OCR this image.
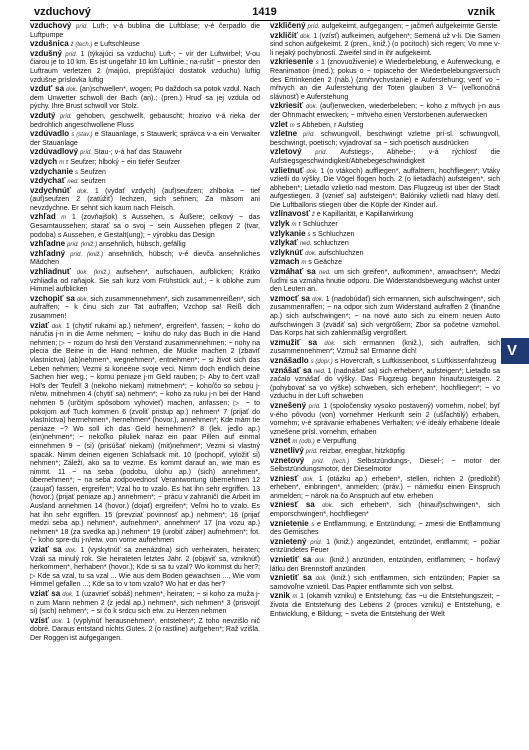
vzduchový	1419	vznik

vzduchový príd. Luft-; v-á bublina die Luftblase; v-é čerpadlo die Luftpumpe

vzdušnica ž (tech.) e Luftschleuse

vzdušný príd. 1 (týkajúci sa vzduchu) Luft-; ~ vír der Luftwirbel; V-ou čiarou je to 10 km. Es ist ungefähr 10 km Luftlinie.; na-rušit' ~ priestor den Luftraum verletzen 2 (majúci, prepúšťajúci dostatok vzduchu) luftig vzdušne príslovka luftig

vzdut' sa dok. (an)schwellen*, wogen; Po daždoch sa potok vzdul. Nach dem Unwetter schwoll der Bach (an).; (pren.) Hruď sa jej vzdula od pýchy. Ihre Brust schwoll vor Stolz.

vzdutý príd. gehoben, geschwellt, gebauscht; hrozivo v-á rieka der bedrohlich angeschwollene Fluss

vzdúvadlo s (stav.) e Stauanlage, s Stauwerk; správca v-a ein Verwalter der Stauanlage

vzdúvadlový príd. Stau-; v-á hať das Stauwehr

vzdych m r Seufzer; hlboký ~ ein tiefer Seufzer

vzdychanie s Seufzen

vzdychať ned. seufzen

vzdychnúť dok. 1 (vydať vzdych) (auf)seufzen; zhlboka ~ tief (auf)seufzen 2 (zatúžiť) lechzen, sich sehnen; Za mäsom ani nevzdychne. Er sehnt sich kaum nach Fleisch.

vzhľad m 1 (zovňajšok) s Aussehen, s Äußere; celkový ~ das Gesamtaussehen; starať sa o svoj ~ sein Aussehen pflegen 2 (tvar, podoba) s Aussehen, e Gestalt(ung); ~ výrobku das Design

vzhľadne príd. (kniž.) ansehnlich, hübsch, gefällig

vzhľadný príd. (kniž.) ansehnlich, hübsch; v-é dievča ansehnliches Mädchen

vzhliadnuť dok. (kniž.) aufsehen*, aufschauen, aufblicken; Krátko vzhliadla od raňajok. Sie sah kurz vom Frühstück auf.; ~ k oblohe zum Himmel aufblicken

vzchopiť sa dok. sich zusammennehmen*, sich zusammenreißen*, sich aufraffen; ~ k činu sich zur Tat aufraffen; Vzchop sa! Reiß dich zusammen!

vziať dok. 1 (chytiť rukami ap.) nehmen*, ergreifen*, fassen; ~ koho do náručia j-n in die Arme nehmen; ~ knihu do ruky das Buch in die Hand nehmen; ▷ ~ rozum do hrsti den Verstand zusammennehmen; ~ nohy na plecia die Beine in die Hand nehmen, die Mücke machen 2 (zbaviť vlastníctva) (ab)nehmen*, wegnehmen*, entnehmen*; ~ si život sich das Leben nehmen; Vezmi si koneène svoje veci. Nimm doch endlich deine Sachen hier weg.; ~ komu peniaze j-m Geld rauben; ▷ Aby to čert vzal! Hol's der Teufel! 3 (nekoho niekam) mitnehmen*; ~ koho/čo so sebou j-n/etw. mitnehmen 4 (chytiť sa) nehmen*; ~ koho za ruku j-n bei der Hand nehmen 5 (určitým spôsobom vyhovieť) machen, anfassen; ▷ ~ to pokojom auf Tuch kommen 6 (zvoliť pristup ap.) nehmen* 7 (prijať do vlastníctva) herrnehmen*, hernehmen* (hovor.), annehmen*; Kde mám tie peniaze ~? Wo soll ich das Geld hernehmen? 8 (lek. jedlo ap.) (ein)nehmen*; ~ nekoľko piluliek naraz ein paar Pillen auf einmal einnehmen 9 ~ (si) (prisúšať niekam) (mit)nehmen*; Vezmi si vlastný spacák. Nimm deinen eigenen Schlafsack mit. 10 (pochopiť, vyložiť si) nehmen*; Záleží, ako sa to vezme. Es kommt darauf an, wie man es nimmt. 11 ~ na seba (podobu, úlohu ap.) (sich) annehmen*, übernehmen*; ~ na seba zodpovednosť Verantwortung übernehmen 12 (zaujať) fassen, ergreifen*; Vzal ho to vzalo. Es hat ihn sehr ergriffen. 13 (hovor.) (prijať peniaze ap.) annehmen*; ~ prácu v zahraničí die Arbeit im Ausland annehmen 14 (hovor.) (dojať) ergreifen*; Veľmi ho to vzalo. Es hat ihn sehr ergriffen. 15 (prevziať povinnosť ap.) nehmen*; 16 (prijať medzi seba ap.) nehmen*, aufnehmen*, annehmen* 17 (na vozu ap.) nehmen* 18 (za svedka ap.) nehmen* 19 (urobiť záber) aufnehmen*; fot. (~ koho spre-du j-n/etw. von vorne aufnehmen

vziať sa dok. 1 (vyskytnúť sa znenázdna) sich verheiraten, heiraten; Vzali sa minulý rok. Sie heirateten letztes Jahr. 2 (objaviť sa, vzniknúť) herkommen*, herhaben* (hovor.); Kde si sa tu vzal? Wo kommst du her?; ▷ Kde sa vzal, tu sa vzal ... Wie aus dem Boden gewachsen ..., Wie vom Himmel gefallen ...; Kde sa to v tom vzalo? Wo hat er das her?

vziať sa dok. 1 (uzavrieť sobáš) nehmen*, heiraten; ~ si koho za muža j-n zum Mann nehmen 2 (z jedál ap.) nehmen*, sich nehmen* 3 (prisvojiť si) (sich) nehmen*; ~ si čo k srdcu sich etw. zu Herzen nehmen

vzísť dok. 1 (vyplynúť herausnehmen*, entstehen*; Z toho nevzišlo nič dobré. Daraus entstand nichts Gutes. 2 (o rastline) aufgehen*; Raž vzišla. Der Roggen ist aufgegangen.

vzkličený príd. aufgekeimt, aufgegangen; ~ jačmeň aufgekeimte Gerste

vzkličiť dok. 1 (vzísť) aufkeimen, aufgehen*; Semená už v-li. Die Samen sind schon aufgekeimt. 2 (pren., kniž.) (o pocitoch) sich regen; Vo mne v-li nejaký pochybnosti. Zweifel sind in ihr aufgekeimt.

vzkriesenie s 1 (znovuoživenie) e Wiederbelebung, e Auferweckung, e Reanimation (med.); pokus o ~ topiaceho der Wiederbelebungsversuch des Ertrinkenden 2 (náb.) (zmŕtvychvstanie) e Auferstehung; veriť vo ~ mŕtvych an die Auferstehung der Toten glauben 3 V~ (veľkonočná slávnosť) e Auferstehung

vzkriesiť dok. (auf)erwecken, wiederbeleben; ~ koho z mŕtvych j-n aus der Ohnmacht erwecken; ~ mŕtveho einen Verstorbenen auferwecken

vzlet m s Abheben, r Aufstieg

vzletne príd. schwungvoll, beschwingt vzletne prí-sl. schwungvoll, beschwingt, poetisch; vyjadrovať sa ~ sich poetisch ausdrücken

vzletový príd. Aufstiegs-, Abhebe-; v-á rýchlosť die Aufstiegsgeschwindigkeit/Abhebegeschwindigkeit

vzlietnuť dok. 1 (o vtákoch) auffliegen*, auffalttern, hochfliegen*; Vtáky vzlietli do výšky. Die Vögel flogen hoch. 2 (o lietadlách) aufsteigen*, sich abheben*; Lietadlo vzlietlo nad mestom. Das Flugzeug ist über der Stadt aufgestiegen. 3 (vznieť sa) aufsteigen*; Balóniky vzlietli nad hlavy detí. Die Luftballons stiegen über die Köpfe der Kinder auf.

vzlínavosť ž e Kapillarität, e Kapillarwirkung

vzlyk m r Schluchzer

vzlykanie s s Schluchzen

vzlykať ned. schluchzen

vzlyknúť dok. aufschluchzen

vzmach m s Geächze

vzmáhať sa ned. um sich greifen*, aufkommen*, anwachsen*; Medzi ľuďmi sa vzmáha hnutie odporu. Die Widerstandsbewegung wächst unter den Leuten an.

vzmocť sa dok. 1 (nadobúdať) sich ermannen, sich aufschwingen*, sich zusammenraffen; ~ na odpor sich zum Widerstand aufraffen 2 (finančne ap.) sich aufschwingen*; ~ na nové auto sich zu einem neuen Auto aufschwingen 3 (zvädiť sa) sich vergrößern; Zbor sa početne vzmohol. Das Korps hat sich zahlenmäßig vergrößert.

vzmužiť sa dok. sich ermannen (kniž.), sich aufraffen, sich zusammennehmen*; Vzmuž sa! Ermanne dich!

vznášadlo s (dopr.) s Hovercraft, s Luftkissenboot, s Luftkissenfahrzeug

vznášať sa ned. 1 (nadnášať sa) sich erheben*, aufsteigen*; Lietadlo sa začalo vznášať do výšky. Das Flugzeug begann hinaufzusteigen. 2 (pohybovať sa vo výške) schweben, sich erheben*, hochfliegen*; ~ vo vzduchu in der Luft schweben

vznešený príd. 1 (spoločensky vysoko postavený) vornehm, nobel; byť v-ého pôvodu (von) vornehmer Herkunft sein 2 (ušľachtilý) erhaben, vornehm; v-é správanie erhabenes Verhalten; v-é ideály erhabene Ideale vznešene prísl. vornehm, erhaben

vznet m (odb.) e Verpuffung

vznetlivý príd. reizbar, erregbar, hitzköpfig

vznetový príd. (tech.) Selbstzündungs-, Diesel-; ~ motor der Selbstzündungsmotor, der Dieselmotor

vzniesť dok. 1 (otázku ap.) erheben*, stellen, richten 2 (predložiť) erheben*, einbringen*, anmelden; (práv.) ~ námietku einen Einspruch anmelden; ~ nárok na čo Anspruch auf etw. erheben

vzniesť sa dok. sich erheben*, sich (hinauf)schwingen*, sich emporschwingen*, hochfliegen*

vznietenie s e Entflammung, e Entzündung; ~ zmesi die Entflammung des Gemisches

vznietený príd. 1 (kniž.) angezündet, entzündet, entflammt; ~ požiar entzündetes Feuer

vznietiť sa dok. (kniž.) anzünden, entzünden, entflammen; ~ horľavý látku den Brennstoff anzünden

vznietiť sa dok. (kniž.) sich entflammen, sich entzünden; Papier sa samovoľne vznietil. Das Papier entflammte sich von selbst.

vznik m 1 (okamih vzniku) e Entstehung; čas ~u die Entstehungszeit; ~ života die Entstehung des Lebens 2 (proces vzniku) e Entstehung, e Entwicklung, e Bildung; ~ sveta die Entstehung der Welt

V
